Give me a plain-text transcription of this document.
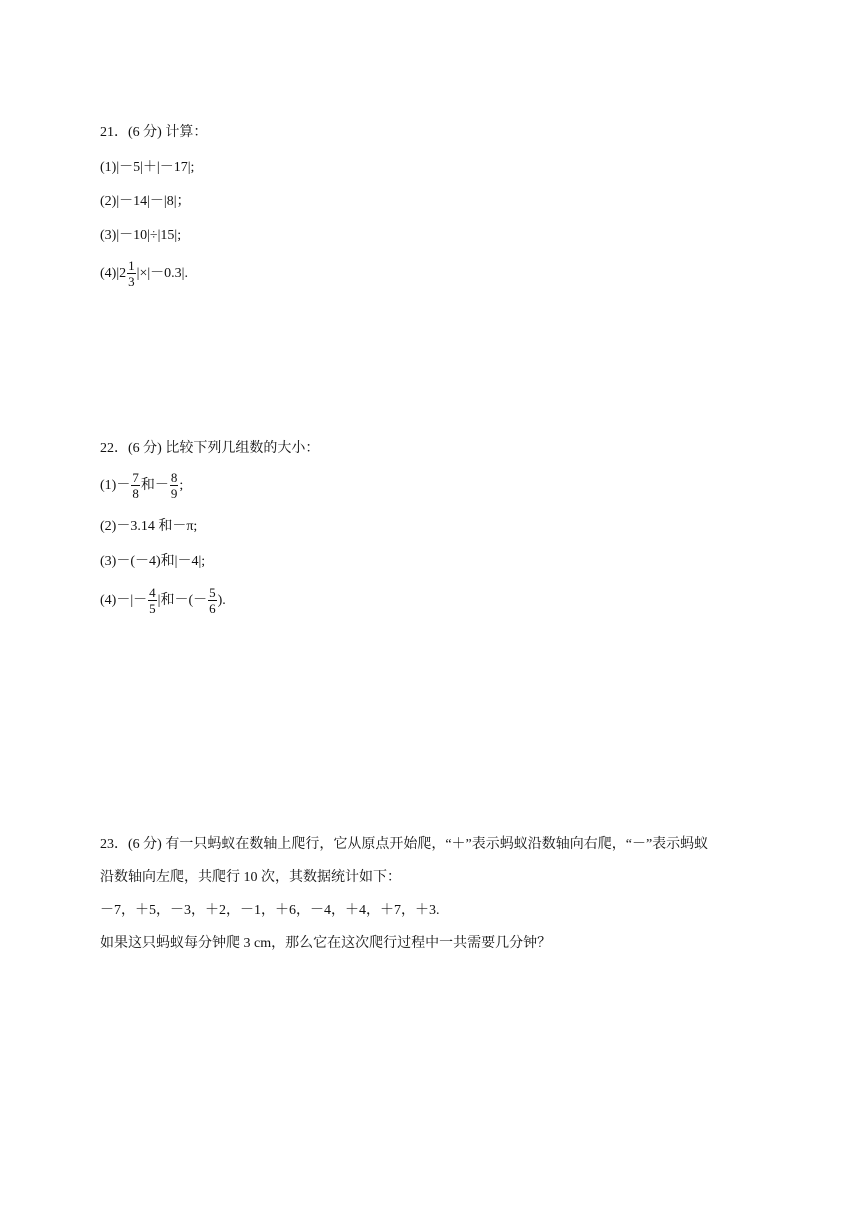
21．(6 分) 计算：
(1)|－5|＋|－17|;
(2)|－14|－|8|；
(3)|－10|÷|15|;
$(4)|2 \frac{1}{3} |\times|-0.3|$.
22．(6 分) 比较下列几组数的大小：
$(1)- \frac{7}{8}$ 和－ $\frac{8}{9}$ ;
(2)－3.14 和－π;
(3)－(－4)和|－4|;
$(4)-|- \frac{4}{5}$ |和－(－ $\frac{5}{6}$ ).
23．(6 分) 有一只蚂蚁在数轴上爬行，它从原点开始爬，“＋”表示蚂蚁沿数轴向右爬，“－”表示蚂蚁
沿数轴向左爬，共爬行 10 次，其数据统计如下：
－7，＋5，－3，＋2，－1，＋6，－4，＋4，＋7，＋3.
如果这只蚂蚁每分钟爬 3 cm，那么它在这次爬行过程中一共需要几分钟？
